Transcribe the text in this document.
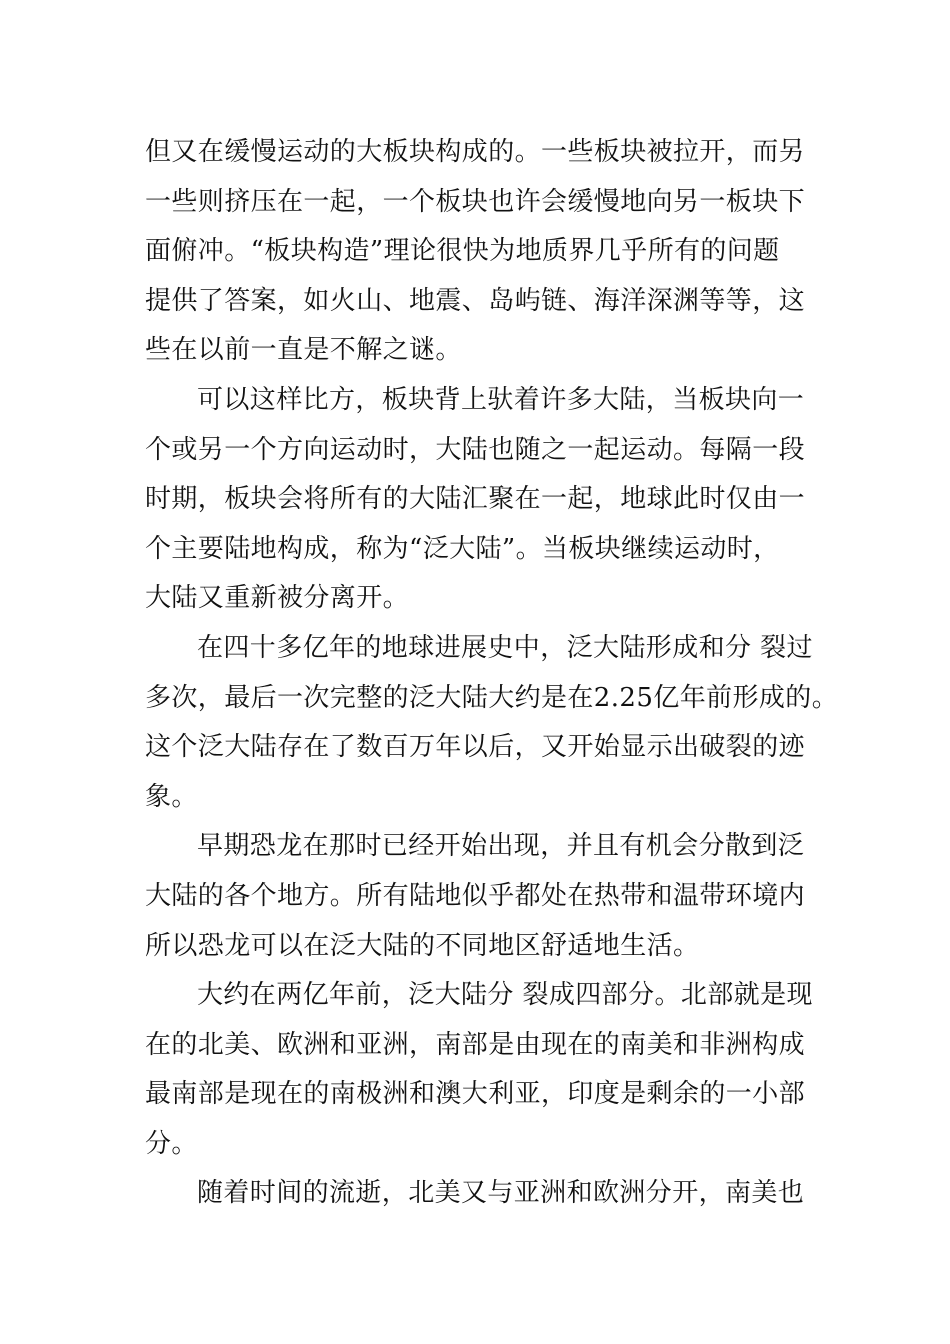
但又在缓慢运动的大板块构成的。一些板块被拉开，而另
一些则挤压在一起，一个板块也许会缓慢地向另一板块下
面俯冲。“板块构造”理论很快为地质界几乎所有的问题
提供了答案，如火山、地震、岛屿链、海洋深渊等等，这
些在以前一直是不解之谜。
可以这样比方，板块背上驮着许多大陆，当板块向一
个或另一个方向运动时，大陆也随之一起运动。每隔一段
时期，板块会将所有的大陆汇聚在一起，地球此时仅由一
个主要陆地构成，称为“泛大陆”。当板块继续运动时，
大陆又重新被分离开。
在四十多亿年的地球进展史中，泛大陆形成和分 裂过
多次，最后一次完整的泛大陆大约是在2.25亿年前形成的。
这个泛大陆存在了数百万年以后，又开始显示出破裂的迹
象。
早期恐龙在那时已经开始出现，并且有机会分散到泛
大陆的各个地方。所有陆地似乎都处在热带和温带环境内
所以恐龙可以在泛大陆的不同地区舒适地生活。
大约在两亿年前，泛大陆分 裂成四部分。北部就是现
在的北美、欧洲和亚洲，南部是由现在的南美和非洲构成
最南部是现在的南极洲和澳大利亚，印度是剩余的一小部
分。
随着时间的流逝，北美又与亚洲和欧洲分开，南美也
